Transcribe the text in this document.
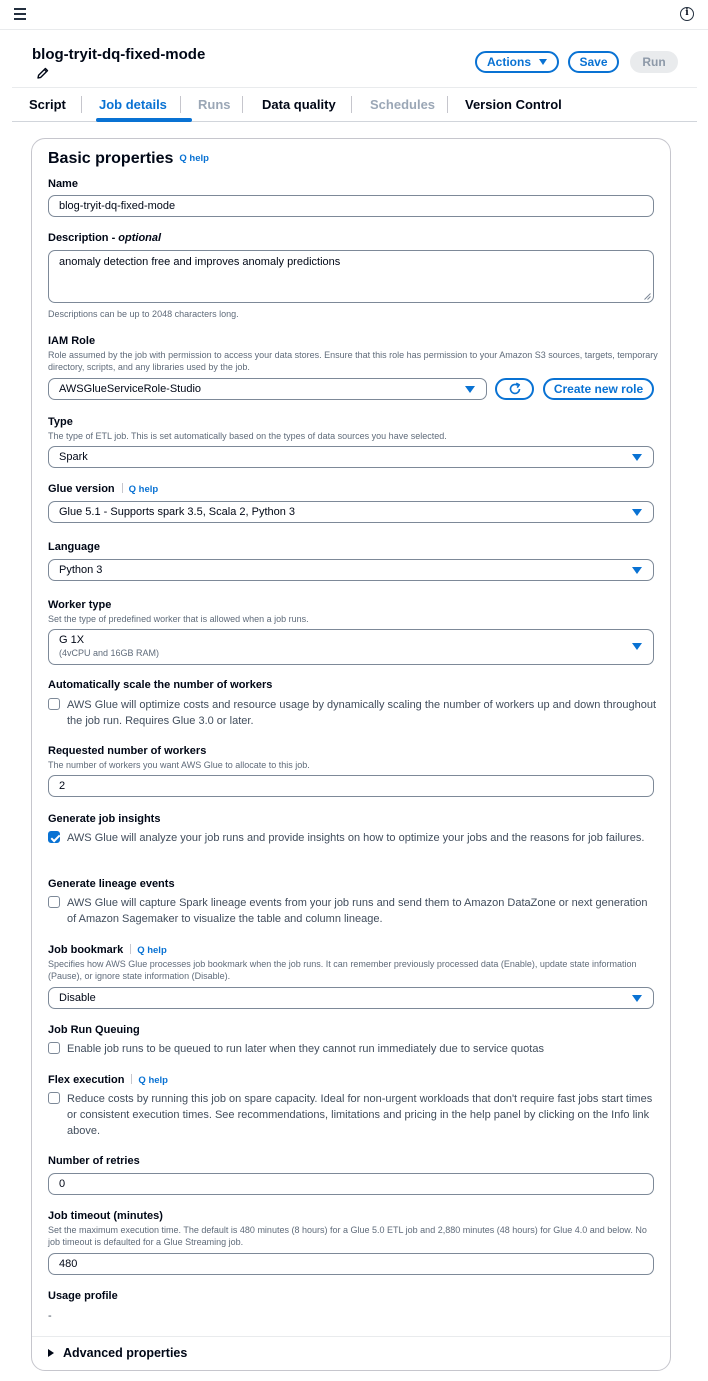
i
blog-tryit-dq-fixed-mode	Actions	Save	Run
Script	Job details Runs Data quality	Schedules Version Control
Basic properties Q help
Name
blog-tryit-dq-fixed-mode
Description - optional
anomaly detection free and improves anomaly predictions
Descriptions can be up to 2048 characters long.
IAM Role
Role assumed by the job with permission to access your data stores. Ensure that this role has permission to your Amazon S3 sources, targets, temporary directory, scripts, and any libraries used by the job.
AWSGlueServiceRole-Studio	Create new role
Type
The type of ETL job. This is set automatically based on the types of data sources you have selected.
Spark
Glue version Q help
Glue 5.1 - Supports spark 3.5, Scala 2, Python 3
Language
Python 3
Worker type
Set the type of predefined worker that is allowed when a job runs.
G 1X
(4vCPU and 16GB RAM)
Automatically scale the number of workers
AWS Glue will optimize costs and resource usage by dynamically scaling the number of workers up and down throughout the job run. Requires Glue 3.0 or later.
Requested number of workers
The number of workers you want AWS Glue to allocate to this job.
2
Generate job insights
AWS Glue will analyze your job runs and provide insights on how to optimize your jobs and the reasons for job failures.
Generate lineage events
AWS Glue will capture Spark lineage events from your job runs and send them to Amazon DataZone or next generation of Amazon Sagemaker to visualize the table and column lineage.
Job bookmark Q help
Specifies how AWS Glue processes job bookmark when the job runs. It can remember previously processed data (Enable), update state information (Pause), or ignore state information (Disable).
Disable
Job Run Queuing
Enable job runs to be queued to run later when they cannot run immediately due to service quotas
Flex execution Q help
Reduce costs by running this job on spare capacity. Ideal for non-urgent workloads that don't require fast jobs start times or consistent execution times. See recommendations, limitations and pricing in the help panel by clicking on the Info link above.
Number of retries
0
Job timeout (minutes)
Set the maximum execution time. The default is 480 minutes (8 hours) for a Glue 5.0 ETL job and 2,880 minutes (48 hours) for Glue 4.0 and below. No job timeout is defaulted for a Glue Streaming job.
480
Usage profile
-
Advanced properties
